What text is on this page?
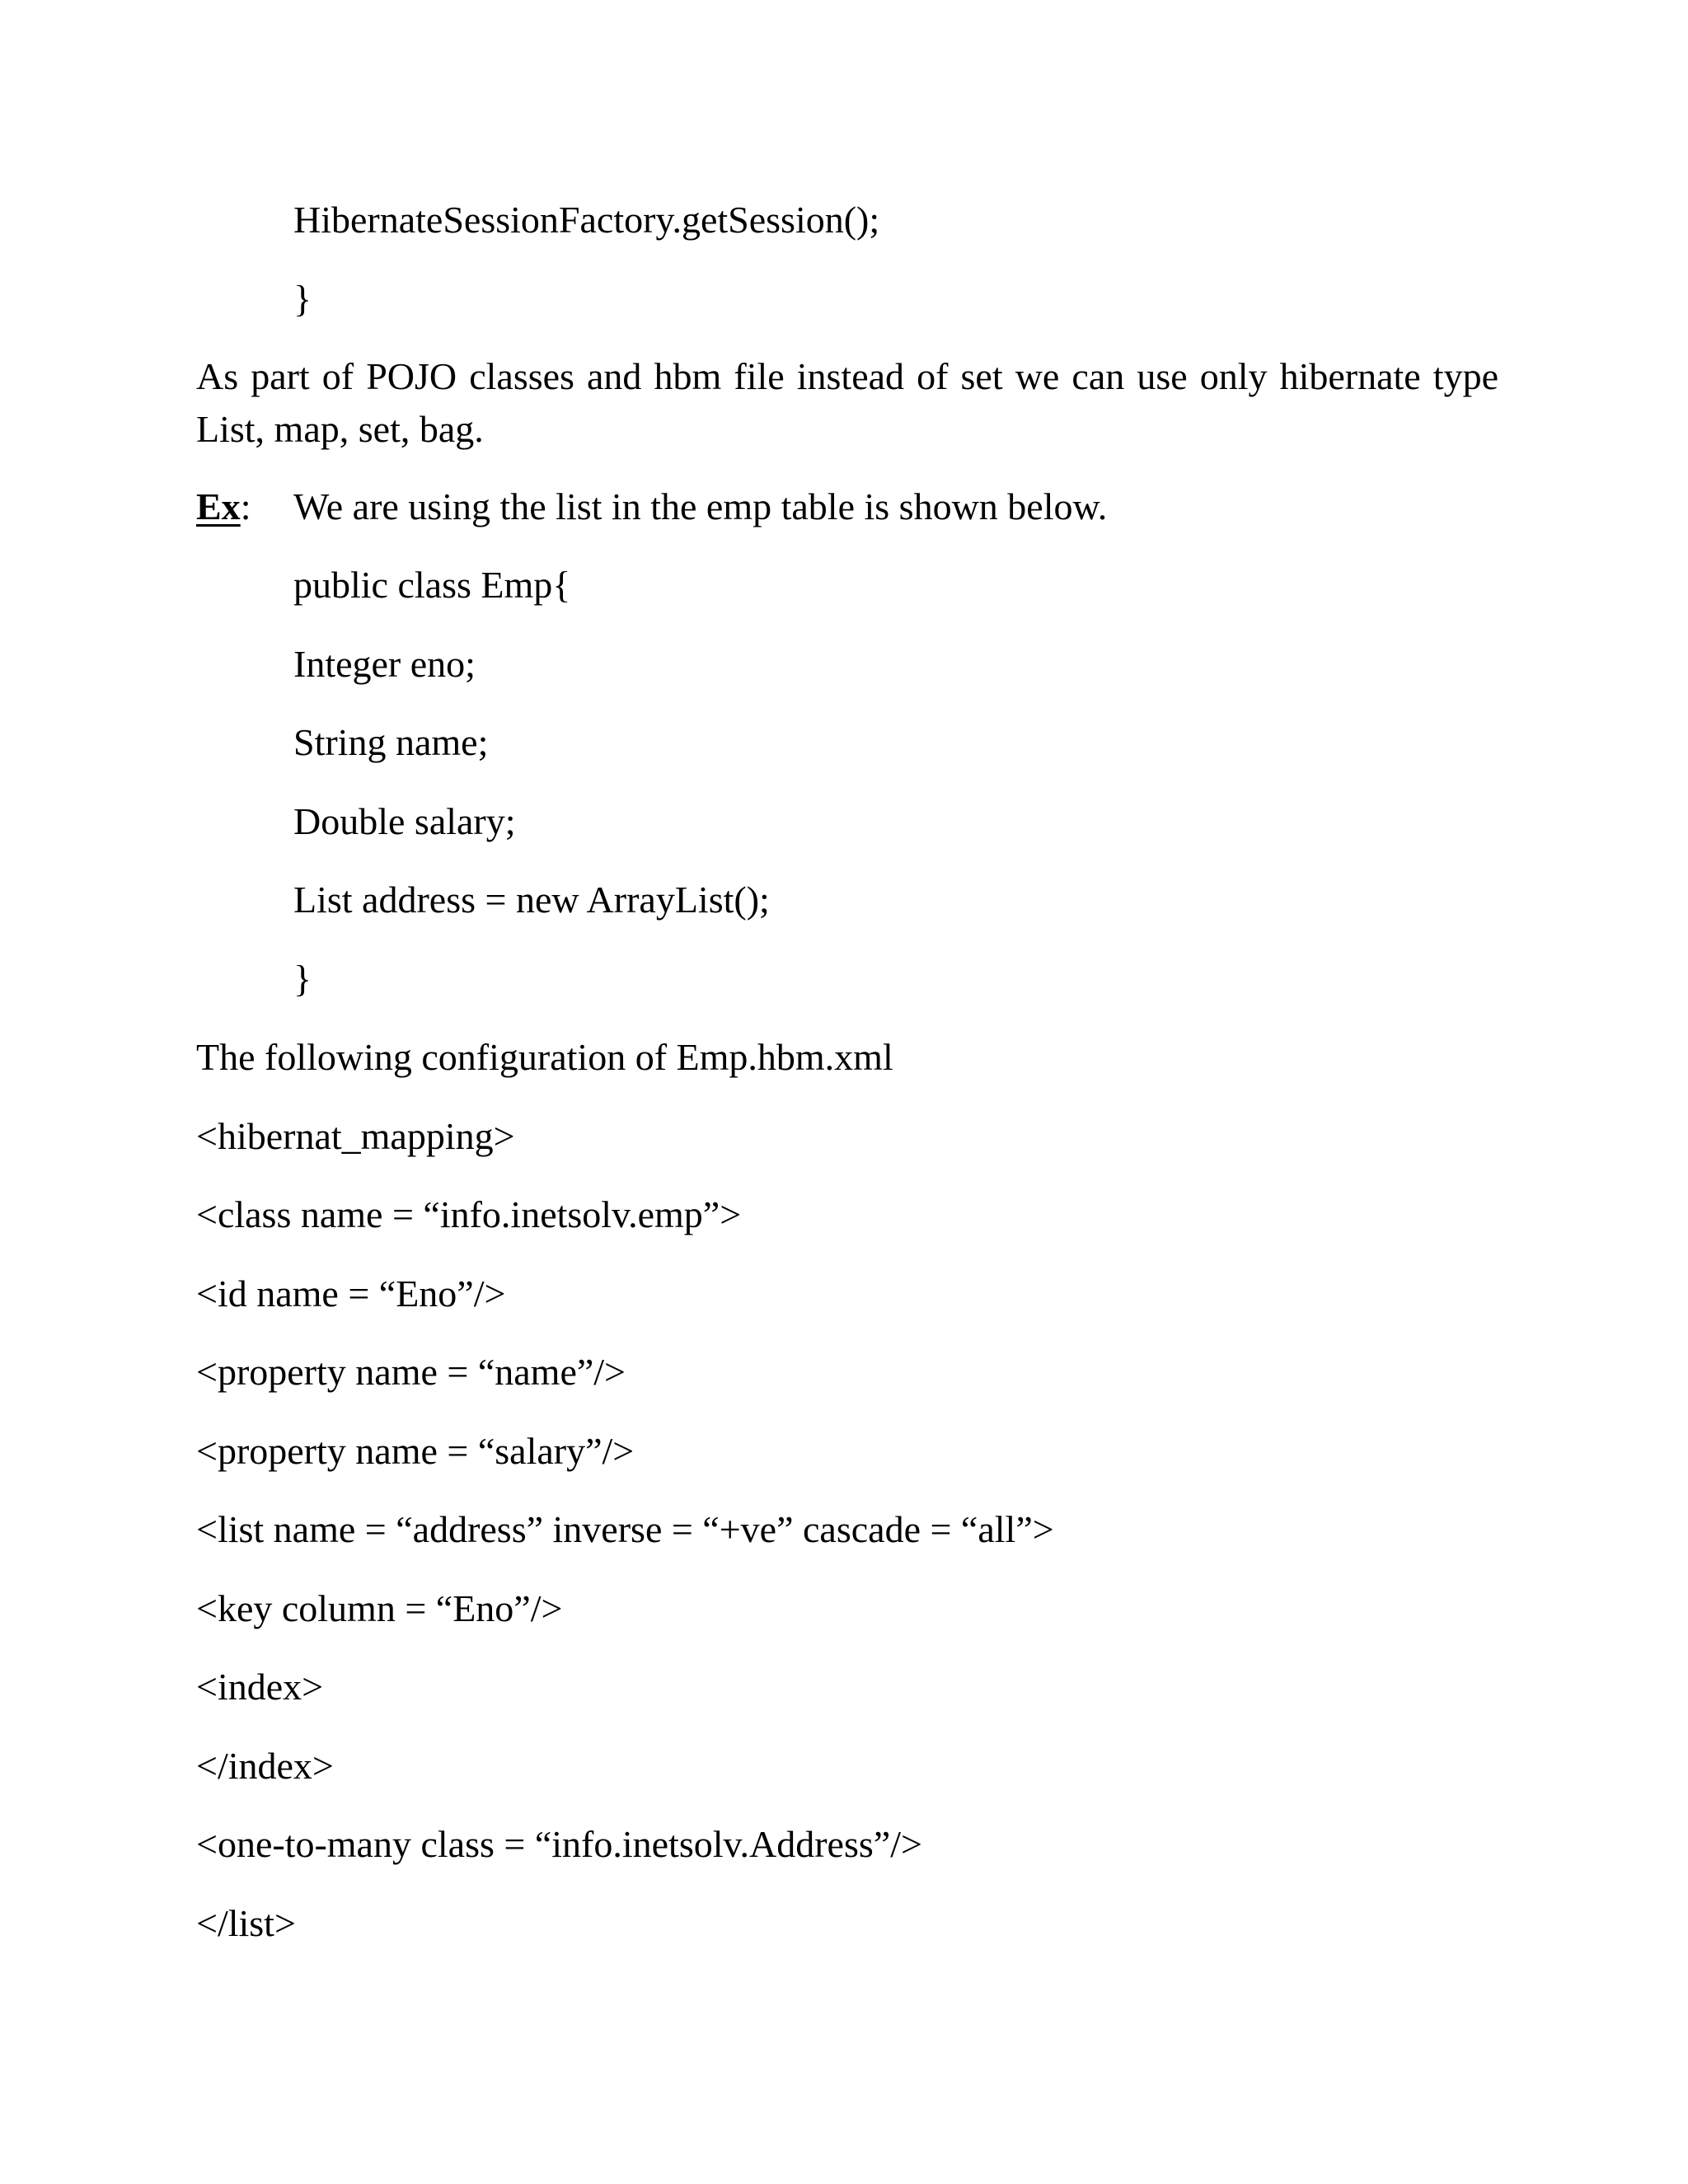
HibernateSessionFactory.getSession();
}
As part of POJO classes and hbm file instead of set we can use only hibernate type List, map, set, bag.
Ex: We are using the list in the emp table is shown below.
public class Emp{
Integer eno;
String name;
Double salary;
List address = new ArrayList();
}
The following configuration of Emp.hbm.xml
<hibernat_mapping>
<class name = “info.inetsolv.emp”>
<id name = “Eno”/>
<property name = “name”/>
<property name = “salary”/>
<list name = “address” inverse = “+ve” cascade = “all”>
<key column = “Eno”/>
<index>
</index>
<one-to-many class = “info.inetsolv.Address”/>
</list>
